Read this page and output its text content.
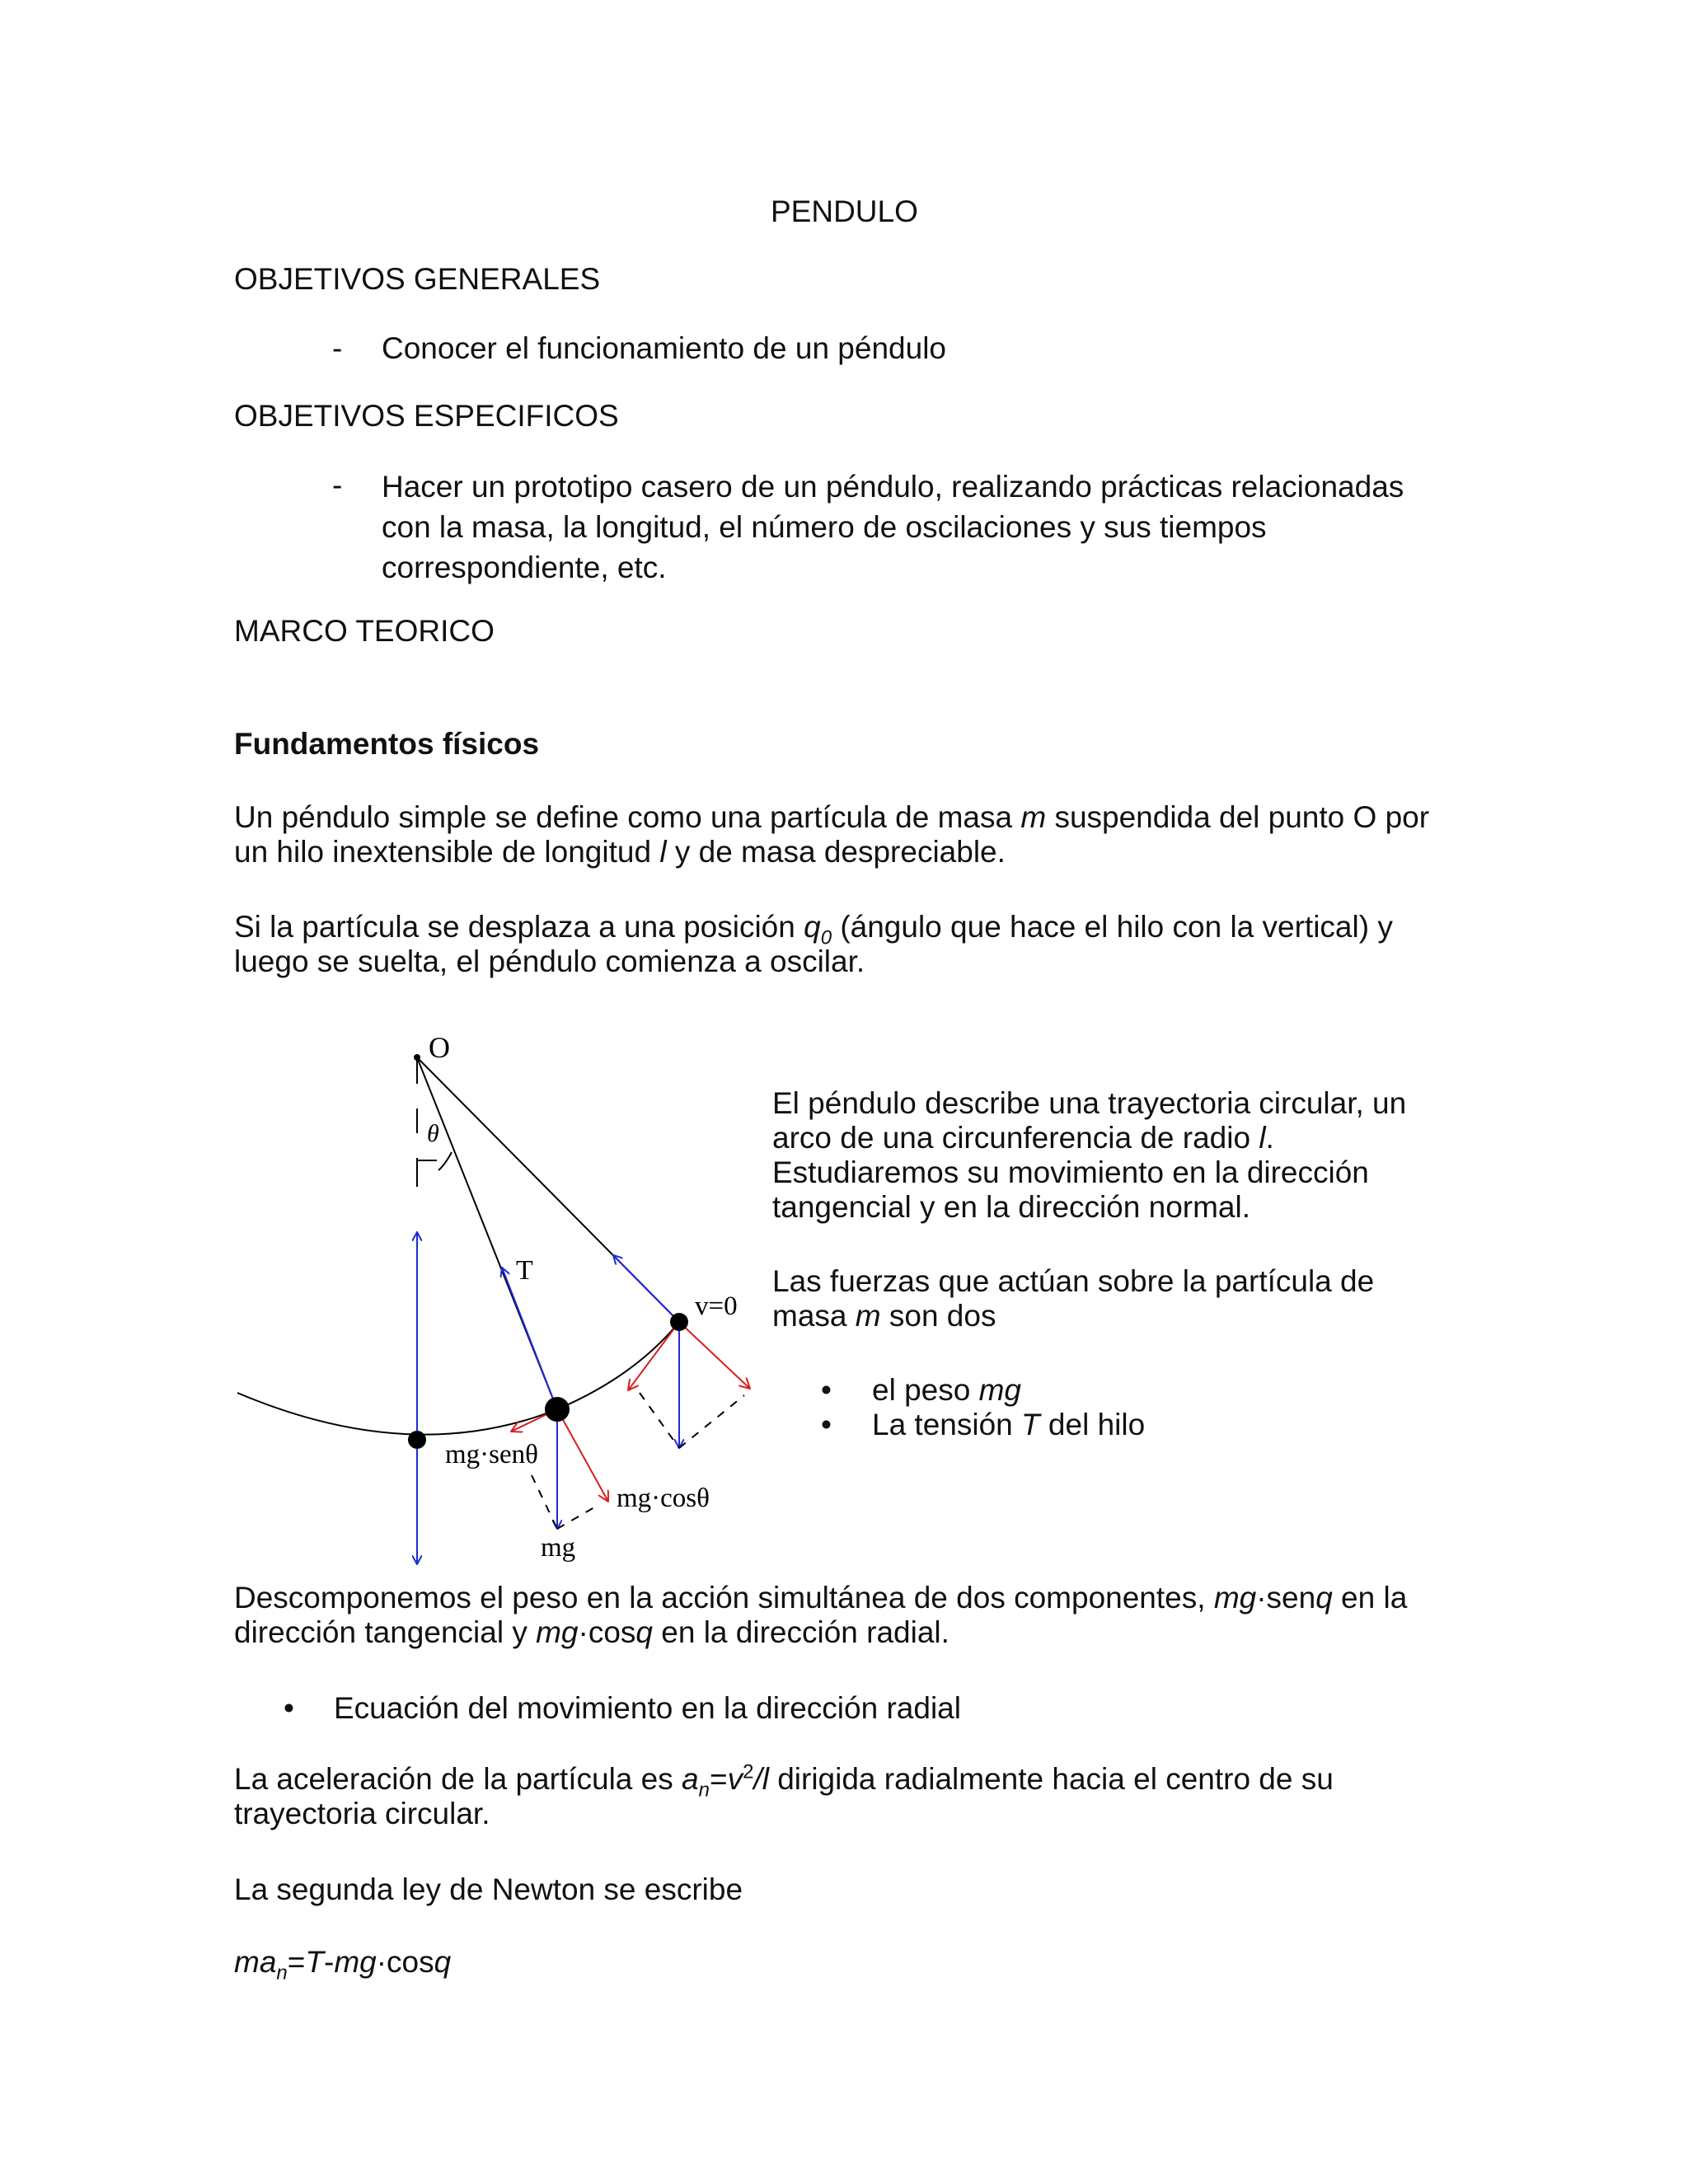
PENDULO
OBJETIVOS GENERALES
- Conocer el funcionamiento de un péndulo
OBJETIVOS ESPECIFICOS
- Hacer un prototipo casero de un péndulo, realizando prácticas relacionadas
con la masa, la longitud, el número de oscilaciones y sus tiempos
correspondiente, etc.
MARCO TEORICO
Fundamentos físicos
Un péndulo simple se define como una partícula de masa m suspendida del punto O por
un hilo inextensible de longitud l y de masa despreciable.
Si la partícula se desplaza a una posición $q_0$ (ángulo que hace el hilo con la vertical) y
luego se suelta, el péndulo comienza a oscilar.
O
θ
T
v=0
mg·senθ
mg·cosθ
mg
El péndulo describe una trayectoria circular, un
arco de una circunferencia de radio l.
Estudiaremos su movimiento en la dirección
tangencial y en la dirección normal.
Las fuerzas que actúan sobre la partícula de
masa m son dos
• el peso mg
• La tensión T del hilo
Descomponemos el peso en la acción simultánea de dos componentes, mg·senq en la
dirección tangencial y mg·cosq en la dirección radial.
• Ecuación del movimiento en la dirección radial
La aceleración de la partícula es $a_n=v^2/l$ dirigida radialmente hacia el centro de su
trayectoria circular.
La segunda ley de Newton se escribe
$ma_n=T-mg\cdot\cos q$
